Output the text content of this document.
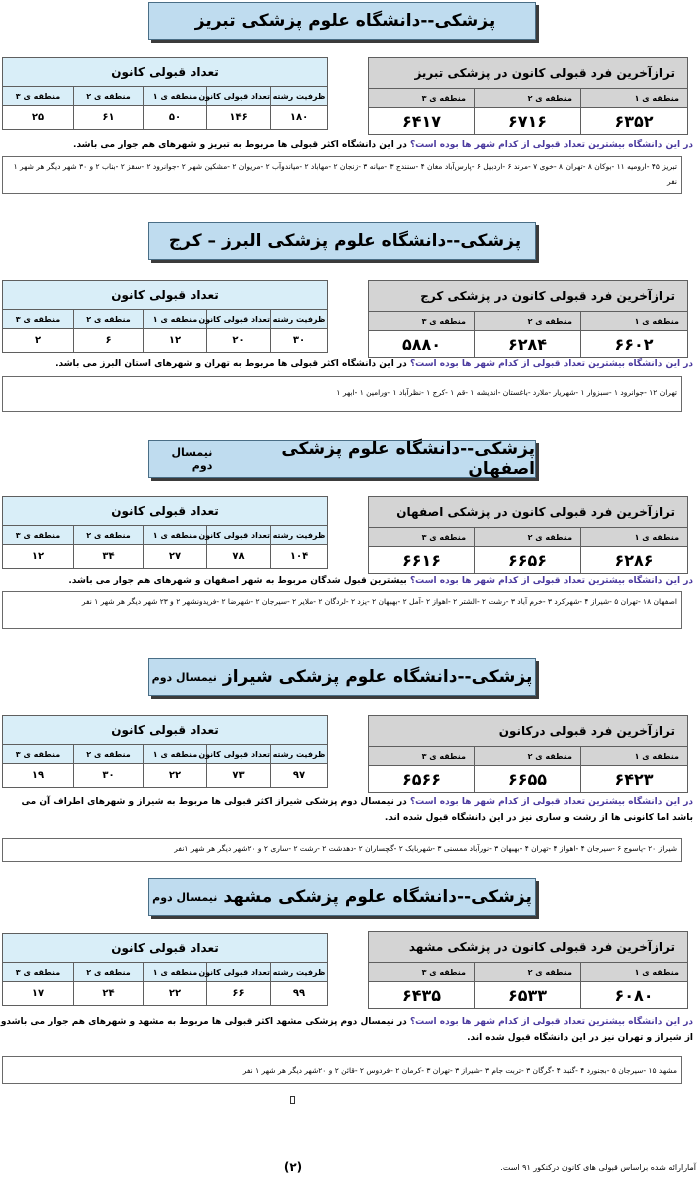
پزشکی--دانشگاه علوم پزشکی تبریز
تعداد قبولی کانون				
ظرفیت رشته	تعداد قبولی کانون	منطقه ی ۱	منطقه ی ۲	منطقه ی ۳
۱۸۰	۱۴۶	۵۰	۶۱	۲۵
ترازآخرین فرد قبولی کانون در پزشکی تبریز		
منطقه ی ۱	منطقه ی ۲	منطقه ی ۳
۶۳۵۲	۶۷۱۶	۶۴۱۷
در این دانشگاه بیشترین تعداد قبولی از کدام شهر ها بوده است؟ در این دانشگاه اکثر قبولی ها مربوط به تبریز و شهرهای هم جوار می باشد.
تبریز ۴۵ -ارومیه ۱۱ -بوکان ۸ -تهران ۸ -خوی ۷ -مرند ۶ -اردبیل ۶ -پارس‌آباد مغان ۴ -سنندج ۳ -میانه ۳ -زنجان ۲ -مهاباد ۲ -میاندوآب ۲ -مریوان ۲ -مشکین شهر ۲ -جوانرود ۲ -سقز ۲ -بناب ۲ و ۳۰ شهر دیگر هر شهر ۱ نفر
پزشکی--دانشگاه علوم پزشکی البرز – کرج
تعداد قبولی کانون				
ظرفیت رشته	تعداد قبولی کانون	منطقه ی ۱	منطقه ی ۲	منطقه ی ۳
۳۰	۲۰	۱۲	۶	۲
ترازآخرین فرد قبولی کانون در پزشکی کرج		
منطقه ی ۱	منطقه ی ۲	منطقه ی ۳
۶۶۰۲	۶۲۸۴	۵۸۸۰
در این دانشگاه بیشترین تعداد قبولی از کدام شهر ها بوده است؟ در این دانشگاه اکثر قبولی ها مربوط به تهران و شهرهای استان البرز می باشد.
تهران ۱۲ -جوانرود ۱ -سبزوار ۱ -شهریار -ملارد -باغستان -اندیشه ۱ -قم ۱ -کرج ۱ -نظرآباد ۱ -ورامین ۱ -ابهر ۱
پزشکی--دانشگاه علوم پزشکی اصفهان
نیمسال دوم
تعداد قبولی کانون				
ظرفیت رشته	تعداد قبولی کانون	منطقه ی ۱	منطقه ی ۲	منطقه ی ۳
۱۰۴	۷۸	۲۷	۳۴	۱۲
ترازآخرین فرد قبولی کانون در پزشکی اصفهان		
منطقه ی ۱	منطقه ی ۲	منطقه ی ۳
۶۲۸۶	۶۶۵۶	۶۶۱۶
در این دانشگاه بیشترین تعداد قبولی از کدام شهر ها بوده است؟ بیشترین قبول شدگان مربوط به شهر اصفهان و شهرهای هم جوار می باشد.
اصفهان ۱۸ -تهران ۵ -شیراز ۴ -شهرکرد ۳ -خرم آباد ۳ -رشت ۲ -الشتر ۲ -اهواز ۲ -آمل ۲ -بهبهان ۲ -یزد ۲ -لردگان ۲ -ملایر ۲ -سیرجان ۲ -شهرضا ۲ -فریدونشهر ۲ و ۲۳ شهر دیگر هر شهر ۱ نفر
پزشکی--دانشگاه علوم پزشکی شیراز
نیمسال دوم
تعداد قبولی کانون				
ظرفیت رشته	تعداد قبولی کانون	منطقه ی ۱	منطقه ی ۲	منطقه ی ۳
۹۷	۷۳	۲۲	۳۰	۱۹
ترازآخرین فرد قبولی درکانون		
منطقه ی ۱	منطقه ی ۲	منطقه ی ۳
۶۴۲۳	۶۶۵۵	۶۵۶۶
در این دانشگاه بیشترین تعداد قبولی از کدام شهر ها بوده است؟ در نیمسال دوم پزشکی شیراز اکثر قبولی ها مربوط به شیراز و شهرهای اطراف آن می باشد اما کانونی ها از رشت و ساری نیز در این دانشگاه قبول شده اند.
شیراز ۲۰ -یاسوج ۶ -سیرجان ۴ -اهواز ۴ -تهران ۴ -بهبهان ۳ -نورآباد ممسنی ۳ -شهربابک ۲ -گچساران ۲ -دهدشت ۲ -رشت ۲ -ساری ۲ و ۲۰شهر دیگر هر شهر ۱نفر
پزشکی--دانشگاه علوم پزشکی مشهد
نیمسال دوم
تعداد قبولی کانون				
ظرفیت رشته	تعداد قبولی کانون	منطقه ی ۱	منطقه ی ۲	منطقه ی ۳
۹۹	۶۶	۲۲	۲۴	۱۷
ترازآخرین فرد قبولی کانون در پزشکی مشهد		
منطقه ی ۱	منطقه ی ۲	منطقه ی ۳
۶۰۸۰	۶۵۳۳	۶۴۳۵
در این دانشگاه بیشترین تعداد قبولی از کدام شهر ها بوده است؟ در نیمسال دوم پزشکی مشهد اکثر قبولی ها مربوط به مشهد و شهرهای هم جوار می باشدو از شیراز و تهران نیز در این دانشگاه قبول شده اند.
مشهد ۱۵ -سیرجان ۵ -بجنورد ۴ -گنبد ۴ -گرگان ۳ -تربت جام ۳ -شیراز ۳ -تهران ۳ -کرمان ۲ -فردوس ۲ -قائن ۲ و ۲۰شهر دیگر هر شهر ۱ نفر
(۲)	آمارارائه شده براساس قبولی های کانون درکنکور ۹۱ است.
